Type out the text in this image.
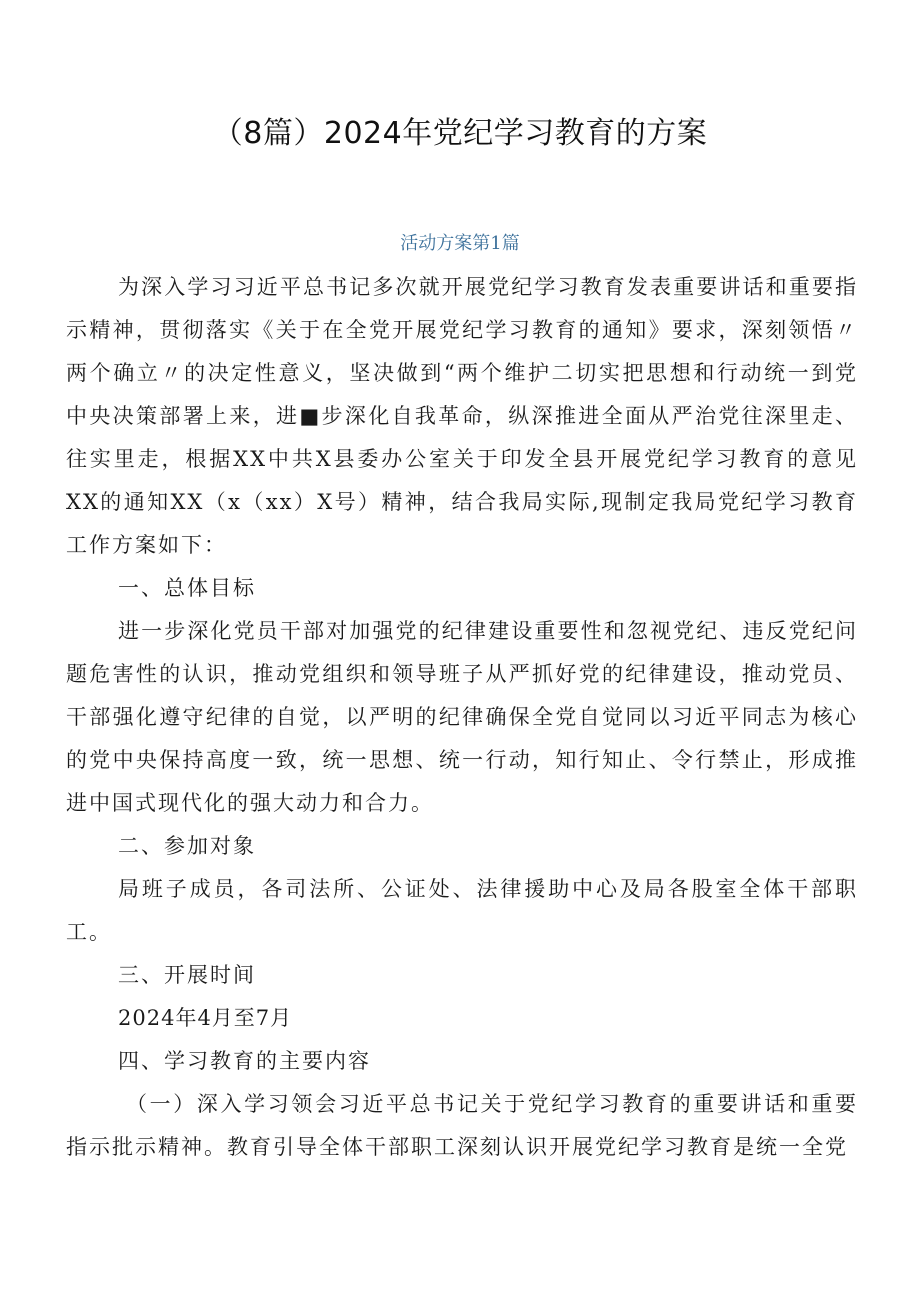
（8篇）2024年党纪学习教育的方案
活动方案第1篇

为深入学习习近平总书记多次就开展党纪学习教育发表重要讲话和重要指示精神，贯彻落实《关于在全党开展党纪学习教育的通知》要求，深刻领悟〃两个确立〃的决定性意义，坚决做到“两个维护二切实把思想和行动统一到党中央决策部署上来，进■步深化自我革命，纵深推进全面从严治党往深里走、往实里走，根据XX中共X县委办公室关于印发全县开展党纪学习教育的意见XX的通知XX（x（xx）X号）精神，结合我局实际,现制定我局党纪学习教育工作方案如下：

一、总体目标

进一步深化党员干部对加强党的纪律建设重要性和忽视党纪、违反党纪问题危害性的认识，推动党组织和领导班子从严抓好党的纪律建设，推动党员、干部强化遵守纪律的自觉，以严明的纪律确保全党自觉同以习近平同志为核心的党中央保持高度一致，统一思想、统一行动，知行知止、令行禁止，形成推进中国式现代化的强大动力和合力。

二、参加对象

局班子成员，各司法所、公证处、法律援助中心及局各股室全体干部职工。

三、开展时间

2024年4月至7月

四、学习教育的主要内容

（一）深入学习领会习近平总书记关于党纪学习教育的重要讲话和重要指示批示精神。教育引导全体干部职工深刻认识开展党纪学习教育是统一全党
